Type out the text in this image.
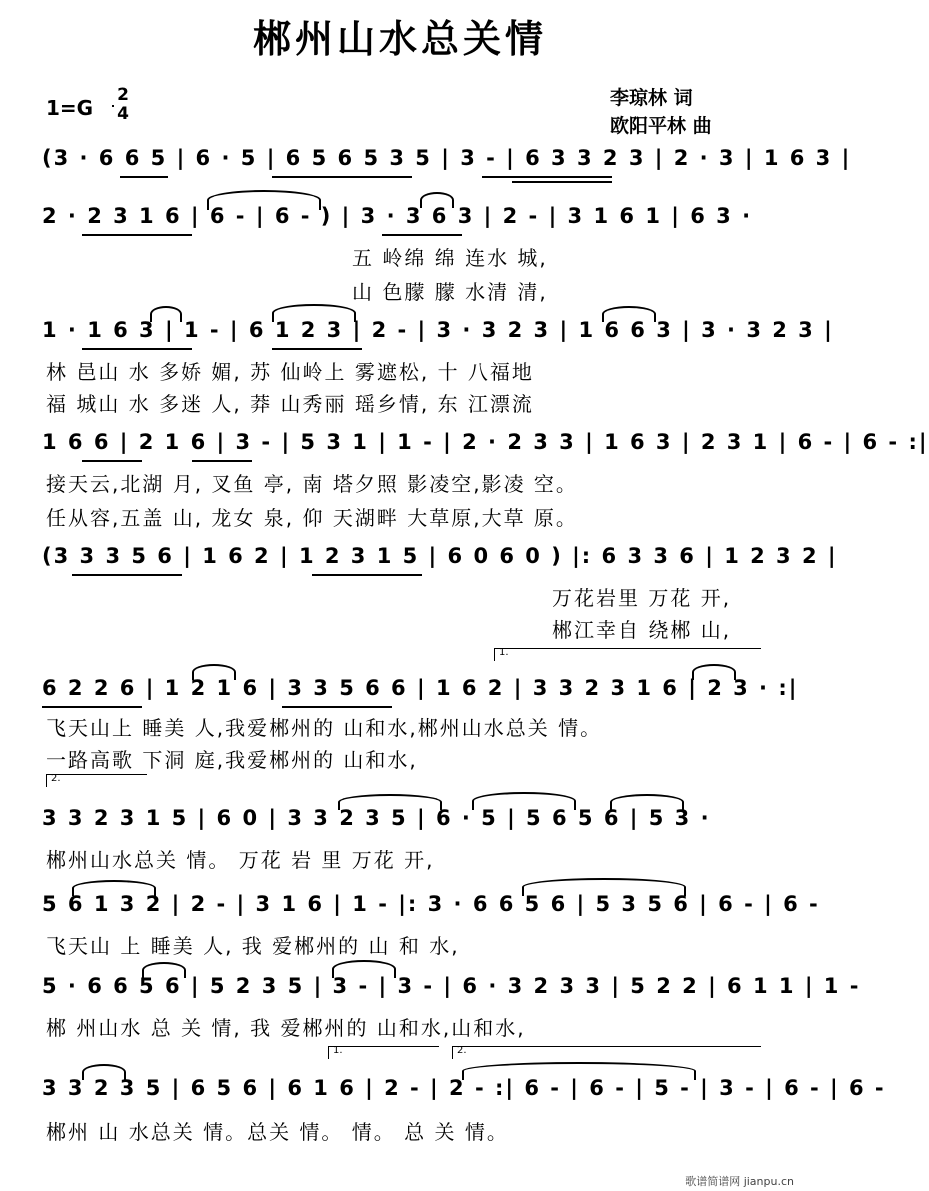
郴州山水总关情
1=G
2
4
李琼林 词
欧阳平林 曲
(3 · 6 6 5 | 6 · 5 | 6 5 6 5 3 5 | 3 - | 6 3 3 2 3 | 2 · 3 | 1 6 3 |
2 · 2 3 1 6 | 6 - | 6 - ) | 3 · 3 6 3 | 2 - | 3 1 6 1 | 6 3 ·
五 岭绵 绵 连水 城,
山 色朦 朦 水清 清,
1 · 1 6 3 | 1 - | 6 1 2 3 | 2 - | 3 · 3 2 3 | 1 6 6 3 | 3 · 3 2 3 |
林 邑山 水 多娇 媚, 苏 仙岭上 雾遮松, 十 八福地
福 城山 水 多迷 人, 莽 山秀丽 瑶乡情, 东 江漂流
1 6 6 | 2 1 6 | 3 - | 5 3 1 | 1 - | 2 · 2 3 3 | 1 6 3 | 2 3 1 | 6 - | 6 - :|
接天云,北湖 月, 叉鱼 亭, 南 塔夕照 影凌空,影凌 空。
任从容,五盖 山, 龙女 泉, 仰 天湖畔 大草原,大草 原。
(3 3 3 5 6 | 1 6 2 | 1 2 3 1 5 | 6 0 6 0 ) |: 6 3 3 6 | 1 2 3 2 |
万花岩里 万花 开,
郴江幸自 绕郴 山,
1.
6 2 2 6 | 1 2 1 6 | 3 3 5 6 6 | 1 6 2 | 3 3 2 3 1 6 | 2 3 · :|
飞天山上 睡美 人,我爱郴州的 山和水,郴州山水总关 情。
一路高歌 下洞 庭,我爱郴州的 山和水,
2.
3 3 2 3 1 5 | 6 0 | 3 3 2 3 5 | 6 · 5 | 5 6 5 6 | 5 3 ·
郴州山水总关 情。 万花 岩 里 万花 开,
5 6 1 3 2 | 2 - | 3 1 6 | 1 - |: 3 · 6 6 5 6 | 5 3 5 6 | 6 - | 6 -
飞天山 上 睡美 人, 我 爱郴州的 山 和 水,
5 · 6 6 5 6 | 5 2 3 5 | 3 - | 3 - | 6 · 3 2 3 3 | 5 2 2 | 6 1 1 | 1 -
郴 州山水 总 关 情, 我 爱郴州的 山和水,山和水,
1.	2.
3 3 2 3 5 | 6 5 6 | 6 1 6 | 2 - | 2 - :| 6 - | 6 - | 5 - | 3 - | 6 - | 6 -
郴州 山 水总关 情。总关 情。 情。 总 关 情。
歌谱简谱网 jianpu.cn
